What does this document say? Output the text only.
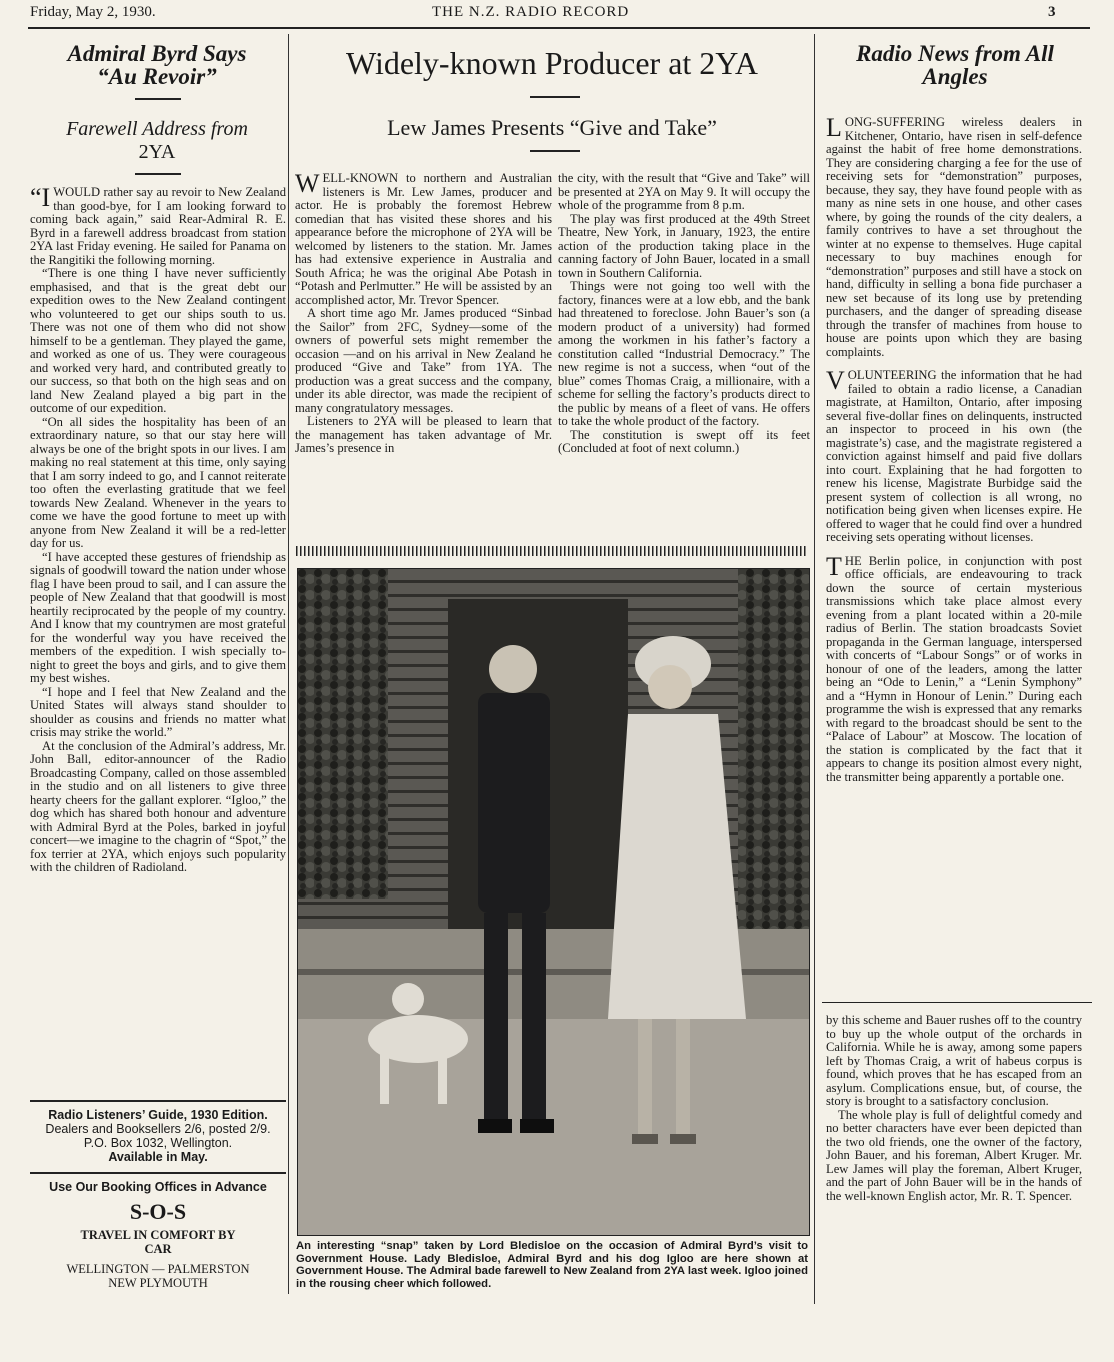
Friday, May 2, 1930.	THE N.Z. RADIO RECORD	3
Admiral Byrd Says
“Au Revoir”
Farewell Address from
2YA

“I WOULD rather say au revoir to New Zealand than good-bye, for I am looking forward to coming back again,” said Rear-Admiral R. E. Byrd in a farewell address broadcast from station 2YA last Friday evening. He sailed for Panama on the Rangitiki the following morning.

“There is one thing I have never sufficiently emphasised, and that is the great debt our expedition owes to the New Zealand contingent who volunteered to get our ships south to us. There was not one of them who did not show himself to be a gentleman. They played the game, and worked as one of us. They were courageous and worked very hard, and contributed greatly to our success, so that both on the high seas and on land New Zealand played a big part in the outcome of our expedition.

“On all sides the hospitality has been of an extraordinary nature, so that our stay here will always be one of the bright spots in our lives. I am making no real statement at this time, only saying that I am sorry indeed to go, and I cannot reiterate too often the everlasting gratitude that we feel towards New Zealand. Whenever in the years to come we have the good fortune to meet up with anyone from New Zealand it will be a red-letter day for us.

“I have accepted these gestures of friendship as signals of goodwill toward the nation under whose flag I have been proud to sail, and I can assure the people of New Zealand that that goodwill is most heartily reciprocated by the people of my country. And I know that my countrymen are most grateful for the wonderful way you have received the members of the expedition. I wish specially to-night to greet the boys and girls, and to give them my best wishes.

“I hope and I feel that New Zealand and the United States will always stand shoulder to shoulder as cousins and friends no matter what crisis may strike the world.”

At the conclusion of the Admiral’s address, Mr. John Ball, editor-announcer of the Radio Broadcasting Company, called on those assembled in the studio and on all listeners to give three hearty cheers for the gallant explorer. “Igloo,” the dog which has shared both honour and adventure with Admiral Byrd at the Poles, barked in joyful concert—we imagine to the chagrin of “Spot,” the fox terrier at 2YA, which enjoys such popularity with the children of Radioland.

Radio Listeners’ Guide, 1930 Edition.
Dealers and Booksellers 2/6, posted 2/9.
P.O. Box 1032, Wellington.
Available in May.
Use Our Booking Offices in Advance
S-O-S
TRAVEL IN COMFORT BY
CAR
WELLINGTON — PALMERSTON
NEW PLYMOUTH
Widely-known Producer at 2YA
Lew James Presents “Give and Take”

WELL-KNOWN to northern and Australian listeners is Mr. Lew James, producer and actor. He is probably the foremost Hebrew comedian that has visited these shores and his appearance before the microphone of 2YA will be welcomed by listeners to the station. Mr. James has had extensive experience in Australia and South Africa; he was the original Abe Potash in “Potash and Perlmutter.” He will be assisted by an accomplished actor, Mr. Trevor Spencer.

A short time ago Mr. James produced “Sinbad the Sailor” from 2FC, Sydney—some of the owners of powerful sets might remember the occasion —and on his arrival in New Zealand he produced “Give and Take” from 1YA. The production was a great success and the company, under its able director, was made the recipient of many congratulatory messages.

Listeners to 2YA will be pleased to learn that the management has taken advantage of Mr. James’s presence in

the city, with the result that “Give and Take” will be presented at 2YA on May 9. It will occupy the whole of the programme from 8 p.m.

The play was first produced at the 49th Street Theatre, New York, in January, 1923, the entire action of the production taking place in the canning factory of John Bauer, located in a small town in Southern California.

Things were not going too well with the factory, finances were at a low ebb, and the bank had threatened to foreclose. John Bauer’s son (a modern product of a university) had formed among the workmen in his father’s factory a constitution called “Industrial Democracy.” The new regime is not a success, when “out of the blue” comes Thomas Craig, a millionaire, with a scheme for selling the factory’s products direct to the public by means of a fleet of vans. He offers to take the whole product of the factory.

The constitution is swept off its feet (Concluded at foot of next column.)

An interesting “snap” taken by Lord Bledisloe on the occasion of Admiral Byrd’s visit to Government House. Lady Bledisloe, Admiral Byrd and his dog Igloo are here shown at Government House. The Admiral bade farewell to New Zealand from 2YA last week. Igloo joined in the rousing cheer which followed.
Radio News from All
Angles

LONG-SUFFERING wireless dealers in Kitchener, Ontario, have risen in self-defence against the habit of free home demonstrations. They are considering charging a fee for the use of receiving sets for “demonstration” purposes, because, they say, they have found people with as many as nine sets in one house, and other cases where, by going the rounds of the city dealers, a family contrives to have a set throughout the winter at no expense to themselves. Huge capital necessary to buy machines enough for “demonstration” purposes and still have a stock on hand, difficulty in selling a bona fide purchaser a new set because of its long use by pretending purchasers, and the danger of spreading disease through the transfer of machines from house to house are points upon which they are basing complaints.

VOLUNTEERING the information that he had failed to obtain a radio license, a Canadian magistrate, at Hamilton, Ontario, after imposing several five-dollar fines on delinquents, instructed an inspector to proceed in his own (the magistrate’s) case, and the magistrate registered a conviction against himself and paid five dollars into court. Explaining that he had forgotten to renew his license, Magistrate Burbidge said the present system of collection is all wrong, no notification being given when licenses expire. He offered to wager that he could find over a hundred receiving sets operating without licenses.

THE Berlin police, in conjunction with post office officials, are endeavouring to track down the source of certain mysterious transmissions which take place almost every evening from a plant located within a 20-mile radius of Berlin. The station broadcasts Soviet propaganda in the German language, interspersed with concerts of “Labour Songs” or of works in honour of one of the leaders, among the latter being an “Ode to Lenin,” a “Lenin Symphony” and a “Hymn in Honour of Lenin.” During each programme the wish is expressed that any remarks with regard to the broadcast should be sent to the “Palace of Labour” at Moscow. The location of the station is complicated by the fact that it appears to change its position almost every night, the transmitter being apparently a portable one.

by this scheme and Bauer rushes off to the country to buy up the whole output of the orchards in California. While he is away, among some papers left by Thomas Craig, a writ of habeus corpus is found, which proves that he has escaped from an asylum. Complications ensue, but, of course, the story is brought to a satisfactory conclusion.

The whole play is full of delightful comedy and no better characters have ever been depicted than the two old friends, one the owner of the factory, John Bauer, and his foreman, Albert Kruger. Mr. Lew James will play the foreman, Albert Kruger, and the part of John Bauer will be in the hands of the well-known English actor, Mr. R. T. Spencer.
